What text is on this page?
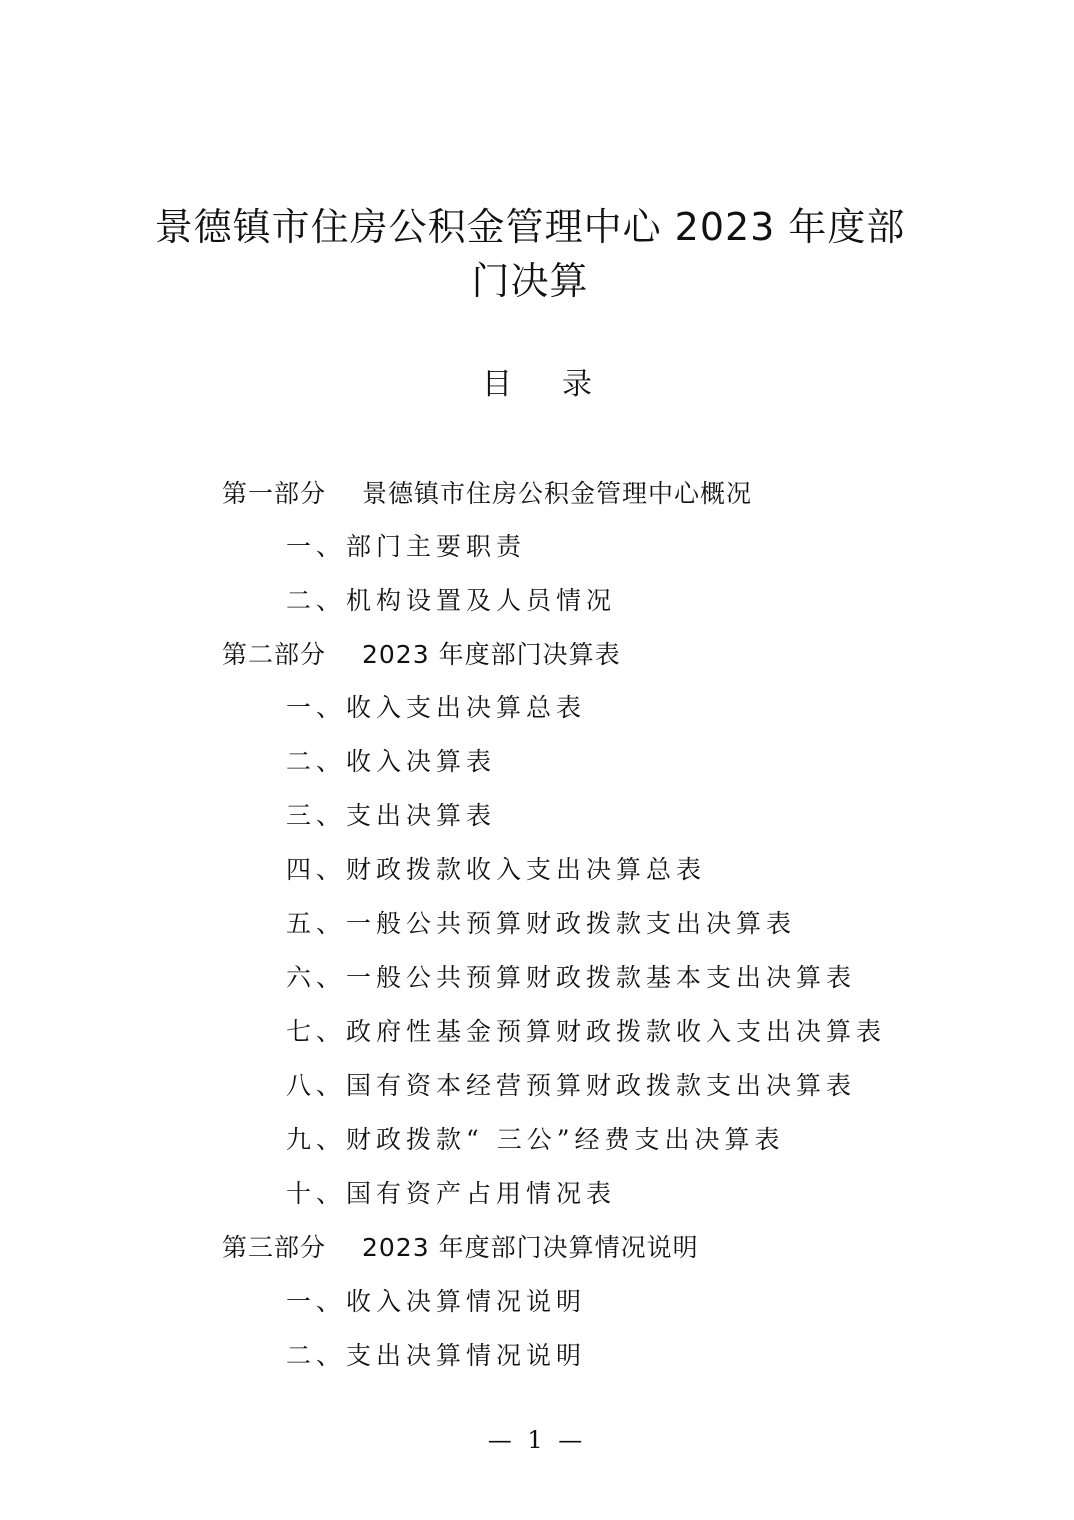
景德镇市住房公积金管理中心 2023 年度部门决算
目录
第一部分 景德镇市住房公积金管理中心概况
一、部门主要职责
二、机构设置及人员情况
第二部分 2023 年度部门决算表
一、收入支出决算总表
二、收入决算表
三、支出决算表
四、财政拨款收入支出决算总表
五、一般公共预算财政拨款支出决算表
六、一般公共预算财政拨款基本支出决算表
七、政府性基金预算财政拨款收入支出决算表
八、国有资本经营预算财政拨款支出决算表
九、财政拨款“ 三公”经费支出决算表
十、国有资产占用情况表
第三部分 2023 年度部门决算情况说明
一、收入决算情况说明
二、支出决算情况说明
— 1 —
